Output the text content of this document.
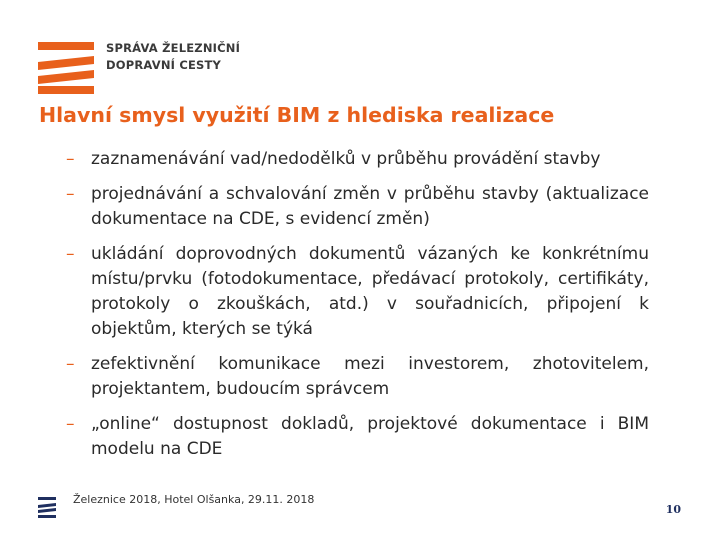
SPRÁVA ŽELEZNIČNÍ
DOPRAVNÍ CESTY
Hlavní smysl využití BIM z hlediska realizace
– zaznamenávání vad/nedodělků v průběhu provádění stavby
– projednávání a schvalování změn v průběhu stavby (aktualizace dokumentace na CDE, s evidencí změn)
– ukládání doprovodných dokumentů vázaných ke konkrétnímu místu/prvku (fotodokumentace, předávací protokoly, certifikáty, protokoly o zkouškách, atd.) v souřadnicích, připojení k objektům, kterých se týká
– zefektivnění komunikace mezi investorem, zhotovitelem, projektantem, budoucím správcem
– „online“ dostupnost dokladů, projektové dokumentace i BIM modelu na CDE
Železnice 2018, Hotel Olšanka, 29.11. 2018
10
